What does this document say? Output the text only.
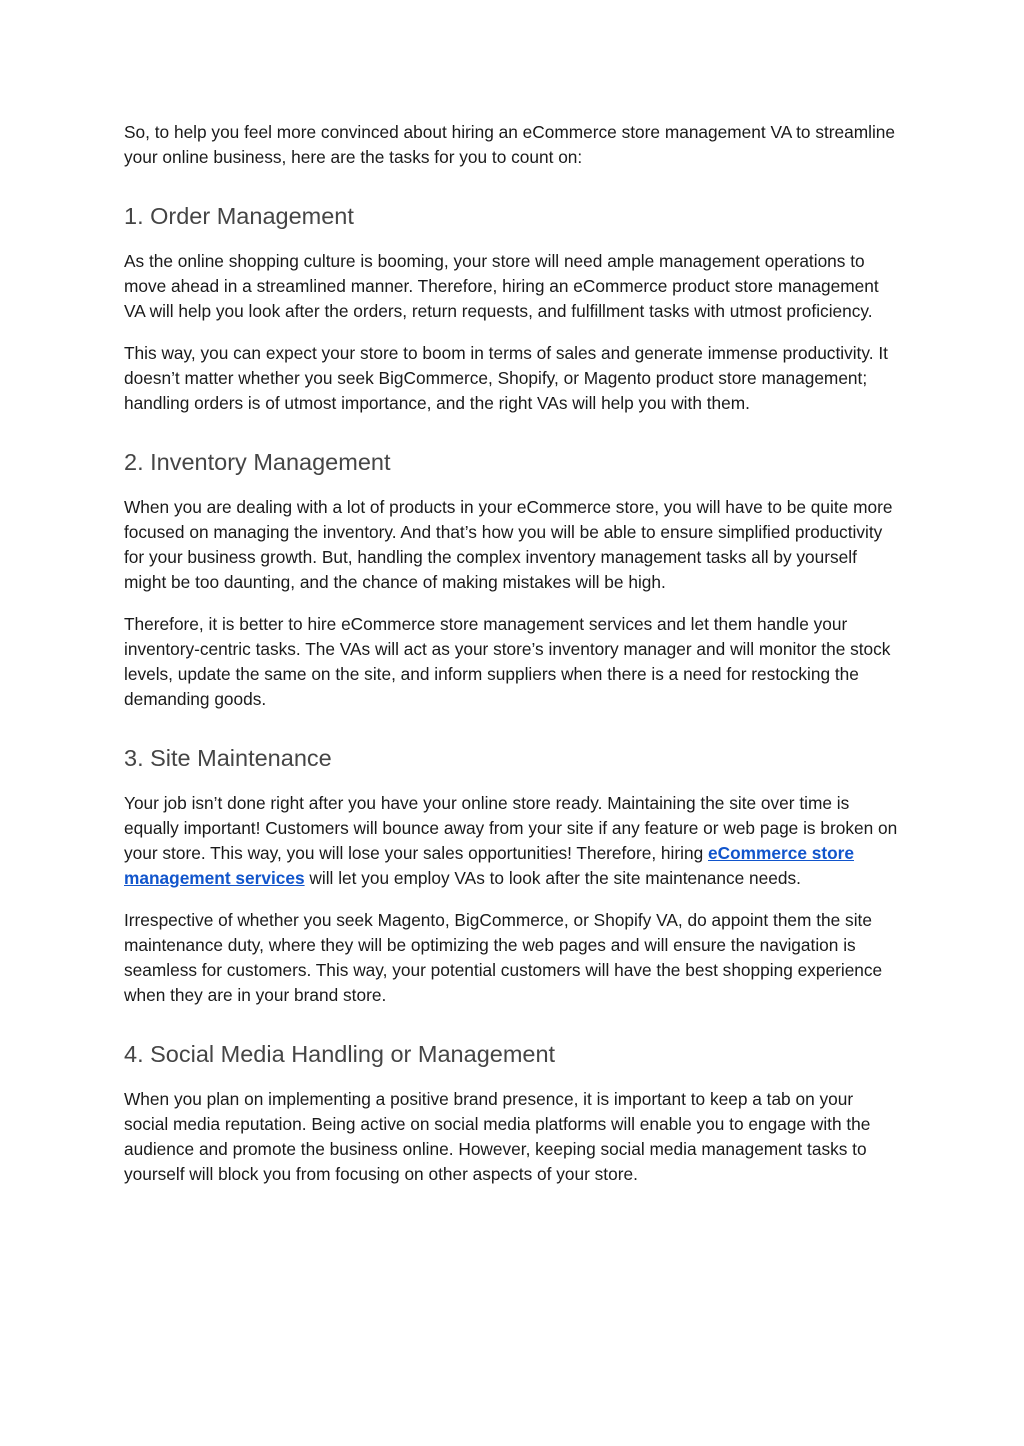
So, to help you feel more convinced about hiring an eCommerce store management VA to streamline your online business, here are the tasks for you to count on:

1. Order Management

As the online shopping culture is booming, your store will need ample management operations to move ahead in a streamlined manner. Therefore, hiring an eCommerce product store management VA will help you look after the orders, return requests, and fulfillment tasks with utmost proficiency.

This way, you can expect your store to boom in terms of sales and generate immense productivity. It doesn’t matter whether you seek BigCommerce, Shopify, or Magento product store management; handling orders is of utmost importance, and the right VAs will help you with them.

2. Inventory Management

When you are dealing with a lot of products in your eCommerce store, you will have to be quite more focused on managing the inventory. And that’s how you will be able to ensure simplified productivity for your business growth. But, handling the complex inventory management tasks all by yourself might be too daunting, and the chance of making mistakes will be high.

Therefore, it is better to hire eCommerce store management services and let them handle your inventory-centric tasks. The VAs will act as your store’s inventory manager and will monitor the stock levels, update the same on the site, and inform suppliers when there is a need for restocking the demanding goods.

3. Site Maintenance

Your job isn’t done right after you have your online store ready. Maintaining the site over time is equally important! Customers will bounce away from your site if any feature or web page is broken on your store. This way, you will lose your sales opportunities! Therefore, hiring eCommerce store management services will let you employ VAs to look after the site maintenance needs.

Irrespective of whether you seek Magento, BigCommerce, or Shopify VA, do appoint them the site maintenance duty, where they will be optimizing the web pages and will ensure the navigation is seamless for customers. This way, your potential customers will have the best shopping experience when they are in your brand store.

4. Social Media Handling or Management

When you plan on implementing a positive brand presence, it is important to keep a tab on your social media reputation. Being active on social media platforms will enable you to engage with the audience and promote the business online. However, keeping social media management tasks to yourself will block you from focusing on other aspects of your store.
